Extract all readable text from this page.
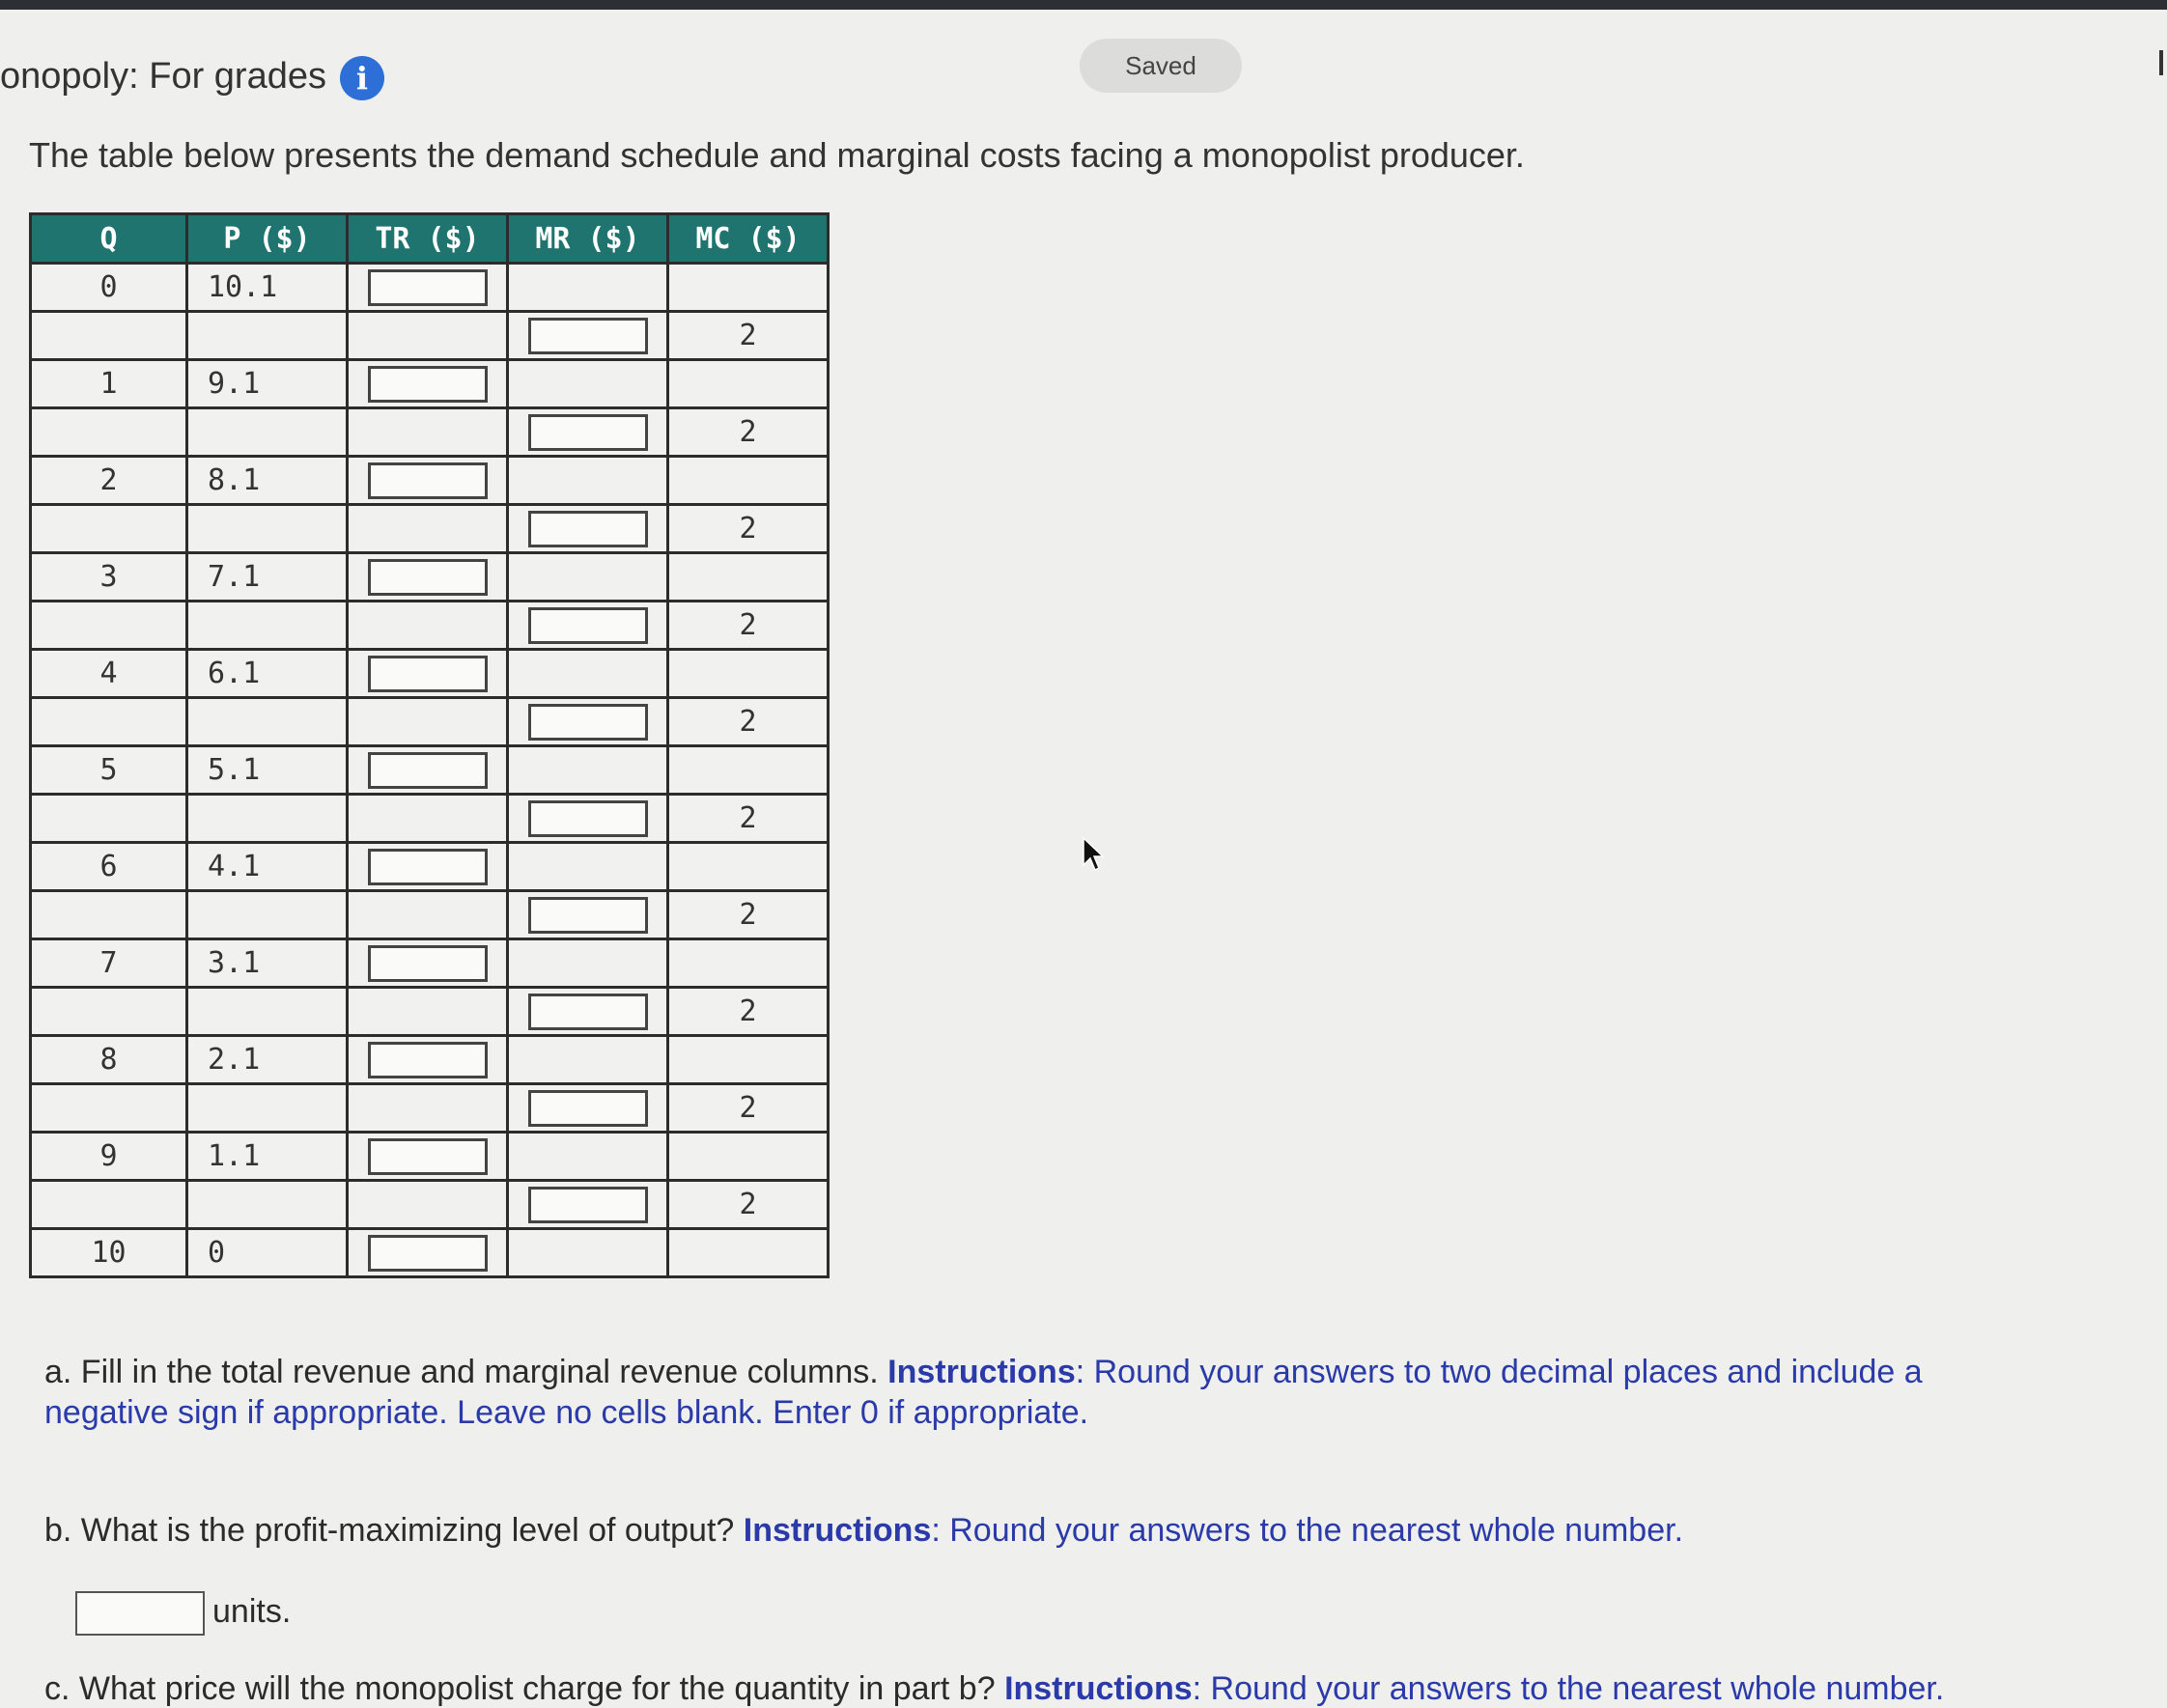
onopoly: For grades i	Saved
The table below presents the demand schedule and marginal costs facing a monopolist producer.
Q	P ($)	TR ($)	MR ($)	MC ($)
0	10.1			
				2
1	9.1			
				2
2	8.1			
				2
3	7.1			
				2
4	6.1			
				2
5	5.1			
				2
6	4.1			
				2
7	3.1			
				2
8	2.1			
				2
9	1.1			
				2
10	0			
a. Fill in the total revenue and marginal revenue columns. Instructions: Round your answers to two decimal places and include a
negative sign if appropriate. Leave no cells blank. Enter 0 if appropriate.
b. What is the profit-maximizing level of output? Instructions: Round your answers to the nearest whole number.
units.
c. What price will the monopolist charge for the quantity in part b? Instructions: Round your answers to the nearest whole number.
